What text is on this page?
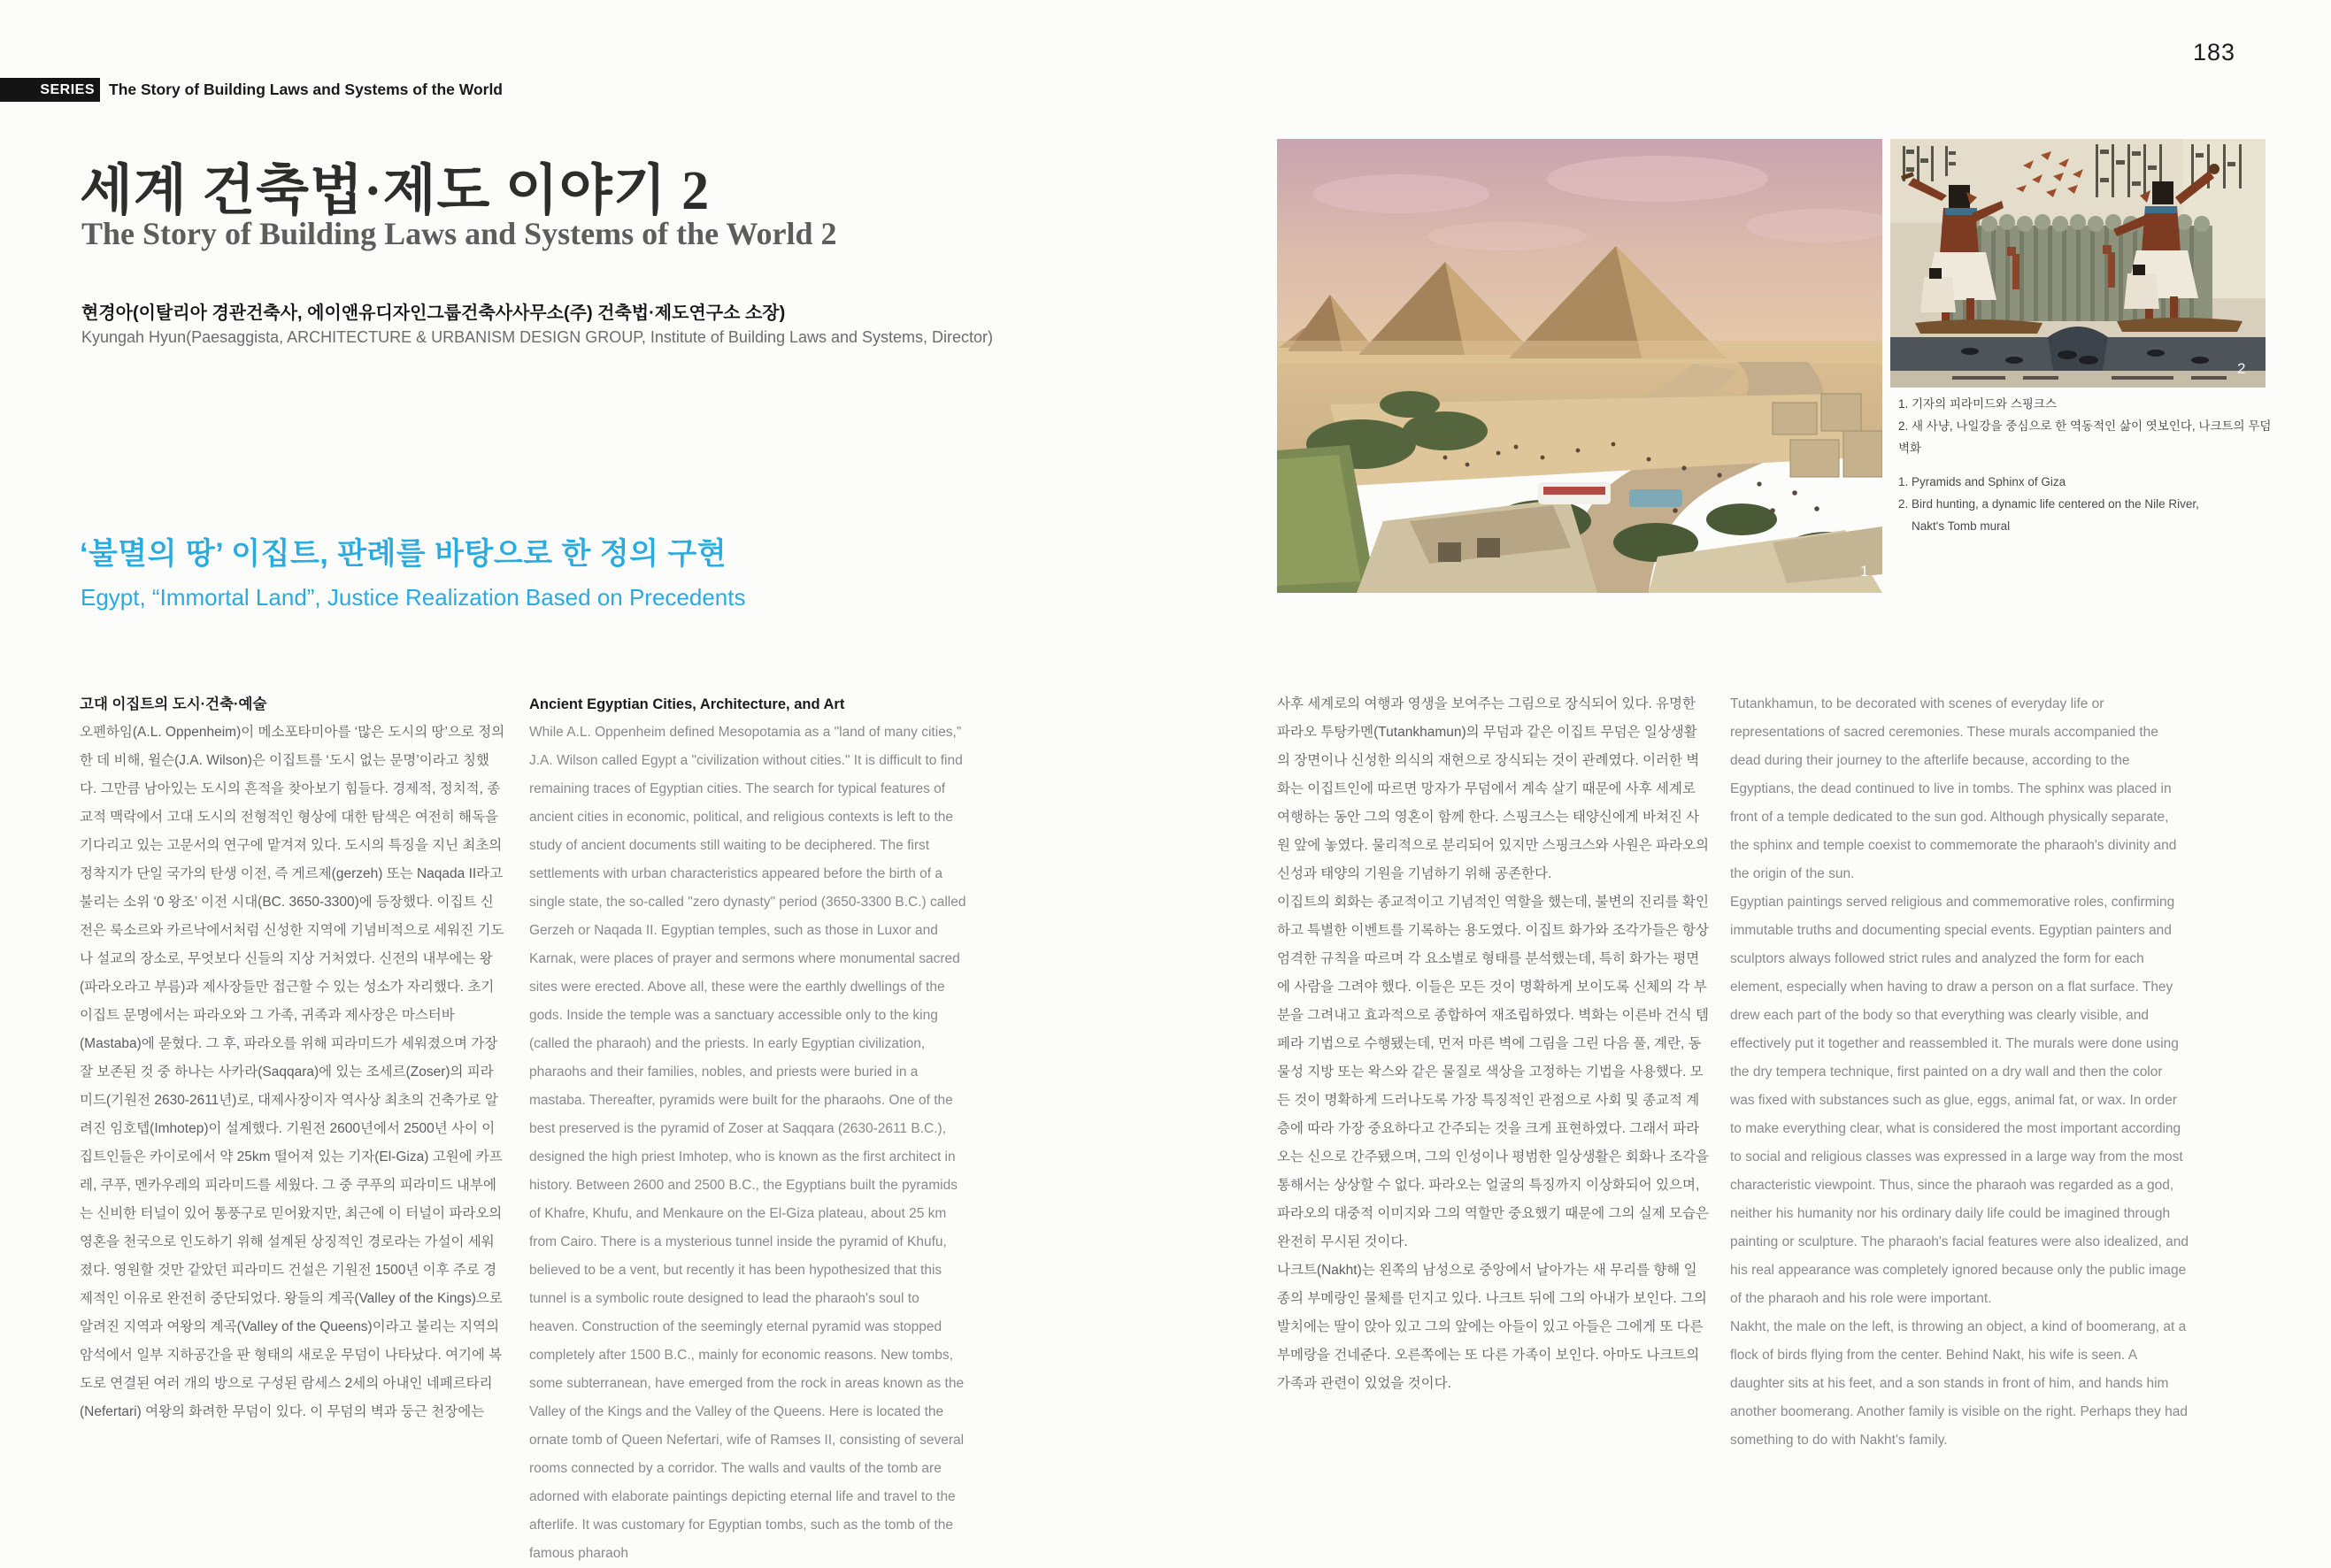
183
SERIES The Story of Building Laws and Systems of the World
세계 건축법·제도 이야기 2
The Story of Building Laws and Systems of the World 2
현경아(이탈리아 경관건축사, 에이앤유디자인그룹건축사사무소(주) 건축법·제도연구소 소장)
Kyungah Hyun(Paesaggista, ARCHITECTURE & URBANISM DESIGN GROUP, Institute of Building Laws and Systems, Director)
‘불멸의 땅’ 이집트, 판례를 바탕으로 한 정의 구현
Egypt, “Immortal Land”, Justice Realization Based on Precedents
1
2
1. 기자의 피라미드와 스핑크스
2. 새 사냥, 나일강을 중심으로 한 역동적인 삶이 엿보인다, 나크트의 무덤 벽화
1. Pyramids and Sphinx of Giza
2. Bird hunting, a dynamic life centered on the Nile River,
Nakt's Tomb mural
고대 이집트의 도시·건축·예술

오펜하임(A.L. Oppenheim)이 메소포타미아를 ‘많은 도시의 땅’으로 정의한 데 비해, 윌슨(J.A. Wilson)은 이집트를 ‘도시 없는 문명’이라고 칭했다. 그만큼 남아있는 도시의 흔적을 찾아보기 힘들다. 경제적, 정치적, 종교적 맥락에서 고대 도시의 전형적인 형상에 대한 탐색은 여전히 해독을 기다리고 있는 고문서의 연구에 맡겨져 있다. 도시의 특징을 지닌 최초의 정착지가 단일 국가의 탄생 이전, 즉 게르제(gerzeh) 또는 Naqada II라고 불리는 소위 ‘0 왕조’ 이전 시대(BC. 3650-3300)에 등장했다. 이집트 신전은 룩소르와 카르낙에서처럼 신성한 지역에 기념비적으로 세워진 기도나 설교의 장소로, 무엇보다 신들의 지상 거처였다. 신전의 내부에는 왕(파라오라고 부름)과 제사장들만 접근할 수 있는 성소가 자리했다. 초기 이집트 문명에서는 파라오와 그 가족, 귀족과 제사장은 마스터바(Mastaba)에 묻혔다. 그 후, 파라오를 위해 피라미드가 세워졌으며 가장 잘 보존된 것 중 하나는 사카라(Saqqara)에 있는 조세르(Zoser)의 피라미드(기원전 2630-2611년)로, 대제사장이자 역사상 최초의 건축가로 알려진 임호텝(Imhotep)이 설계했다. 기원전 2600년에서 2500년 사이 이집트인들은 카이로에서 약 25km 떨어져 있는 기자(El-Giza) 고원에 카프레, 쿠푸, 멘카우레의 피라미드를 세웠다. 그 중 쿠푸의 피라미드 내부에는 신비한 터널이 있어 통풍구로 믿어왔지만, 최근에 이 터널이 파라오의 영혼을 천국으로 인도하기 위해 설계된 상징적인 경로라는 가설이 세워졌다. 영원할 것만 같았던 피라미드 건설은 기원전 1500년 이후 주로 경제적인 이유로 완전히 중단되었다. 왕들의 계곡(Valley of the Kings)으로 알려진 지역과 여왕의 계곡(Valley of the Queens)이라고 불리는 지역의 암석에서 일부 지하공간을 판 형태의 새로운 무덤이 나타났다. 여기에 복도로 연결된 여러 개의 방으로 구성된 람세스 2세의 아내인 네페르타리(Nefertari) 여왕의 화려한 무덤이 있다. 이 무덤의 벽과 둥근 천장에는

Ancient Egyptian Cities, Architecture, and Art

While A.L. Oppenheim defined Mesopotamia as a "land of many cities," J.A. Wilson called Egypt a "civilization without cities." It is difficult to find remaining traces of Egyptian cities. The search for typical features of ancient cities in economic, political, and religious contexts is left to the study of ancient documents still waiting to be deciphered. The first settlements with urban characteristics appeared before the birth of a single state, the so-called "zero dynasty" period (3650-3300 B.C.) called Gerzeh or Naqada II. Egyptian temples, such as those in Luxor and Karnak, were places of prayer and sermons where monumental sacred sites were erected. Above all, these were the earthly dwellings of the gods. Inside the temple was a sanctuary accessible only to the king (called the pharaoh) and the priests. In early Egyptian civilization, pharaohs and their families, nobles, and priests were buried in a mastaba. Thereafter, pyramids were built for the pharaohs. One of the best preserved is the pyramid of Zoser at Saqqara (2630-2611 B.C.), designed the high priest Imhotep, who is known as the first architect in history. Between 2600 and 2500 B.C., the Egyptians built the pyramids of Khafre, Khufu, and Menkaure on the El-Giza plateau, about 25 km from Cairo. There is a mysterious tunnel inside the pyramid of Khufu, believed to be a vent, but recently it has been hypothesized that this tunnel is a symbolic route designed to lead the pharaoh's soul to heaven. Construction of the seemingly eternal pyramid was stopped completely after 1500 B.C., mainly for economic reasons. New tombs, some subterranean, have emerged from the rock in areas known as the Valley of the Kings and the Valley of the Queens. Here is located the ornate tomb of Queen Nefertari, wife of Ramses II, consisting of several rooms connected by a corridor. The walls and vaults of the tomb are adorned with elaborate paintings depicting eternal life and travel to the afterlife. It was customary for Egyptian tombs, such as the tomb of the famous pharaoh

사후 세계로의 여행과 영생을 보여주는 그림으로 장식되어 있다. 유명한 파라오 투탕카멘(Tutankhamun)의 무덤과 같은 이집트 무덤은 일상생활의 장면이나 신성한 의식의 재현으로 장식되는 것이 관례였다. 이러한 벽화는 이집트인에 따르면 망자가 무덤에서 계속 살기 때문에 사후 세계로 여행하는 동안 그의 영혼이 함께 한다. 스핑크스는 태양신에게 바쳐진 사원 앞에 놓였다. 물리적으로 분리되어 있지만 스핑크스와 사원은 파라오의 신성과 태양의 기원을 기념하기 위해 공존한다.

이집트의 회화는 종교적이고 기념적인 역할을 했는데, 불변의 진리를 확인하고 특별한 이벤트를 기록하는 용도였다. 이집트 화가와 조각가들은 항상 엄격한 규칙을 따르며 각 요소별로 형태를 분석했는데, 특히 화가는 평면에 사람을 그려야 했다. 이들은 모든 것이 명확하게 보이도록 신체의 각 부분을 그려내고 효과적으로 종합하여 재조립하였다. 벽화는 이른바 건식 템페라 기법으로 수행됐는데, 먼저 마른 벽에 그림을 그린 다음 풀, 계란, 동물성 지방 또는 왁스와 같은 물질로 색상을 고정하는 기법을 사용했다. 모든 것이 명확하게 드러나도록 가장 특징적인 관점으로 사회 및 종교적 계층에 따라 가장 중요하다고 간주되는 것을 크게 표현하였다. 그래서 파라오는 신으로 간주됐으며, 그의 인성이나 평범한 일상생활은 회화나 조각을 통해서는 상상할 수 없다. 파라오는 얼굴의 특징까지 이상화되어 있으며, 파라오의 대중적 이미지와 그의 역할만 중요했기 때문에 그의 실제 모습은 완전히 무시된 것이다.

나크트(Nakht)는 왼쪽의 남성으로 중앙에서 날아가는 새 무리를 향해 일종의 부메랑인 물체를 던지고 있다. 나크트 뒤에 그의 아내가 보인다. 그의 발치에는 딸이 앉아 있고 그의 앞에는 아들이 있고 아들은 그에게 또 다른 부메랑을 건네준다. 오른쪽에는 또 다른 가족이 보인다. 아마도 나크트의 가족과 관련이 있었을 것이다.

Tutankhamun, to be decorated with scenes of everyday life or representations of sacred ceremonies. These murals accompanied the dead during their journey to the afterlife because, according to the Egyptians, the dead continued to live in tombs. The sphinx was placed in front of a temple dedicated to the sun god. Although physically separate, the sphinx and temple coexist to commemorate the pharaoh's divinity and the origin of the sun.

Egyptian paintings served religious and commemorative roles, confirming immutable truths and documenting special events. Egyptian painters and sculptors always followed strict rules and analyzed the form for each element, especially when having to draw a person on a flat surface. They drew each part of the body so that everything was clearly visible, and effectively put it together and reassembled it. The murals were done using the dry tempera technique, first painted on a dry wall and then the color was fixed with substances such as glue, eggs, animal fat, or wax. In order to make everything clear, what is considered the most important according to social and religious classes was expressed in a large way from the most characteristic viewpoint. Thus, since the pharaoh was regarded as a god, neither his humanity nor his ordinary daily life could be imagined through painting or sculpture. The pharaoh's facial features were also idealized, and his real appearance was completely ignored because only the public image of the pharaoh and his role were important.

Nakht, the male on the left, is throwing an object, a kind of boomerang, at a flock of birds flying from the center. Behind Nakt, his wife is seen. A daughter sits at his feet, and a son stands in front of him, and hands him another boomerang. Another family is visible on the right. Perhaps they had something to do with Nakht's family.
